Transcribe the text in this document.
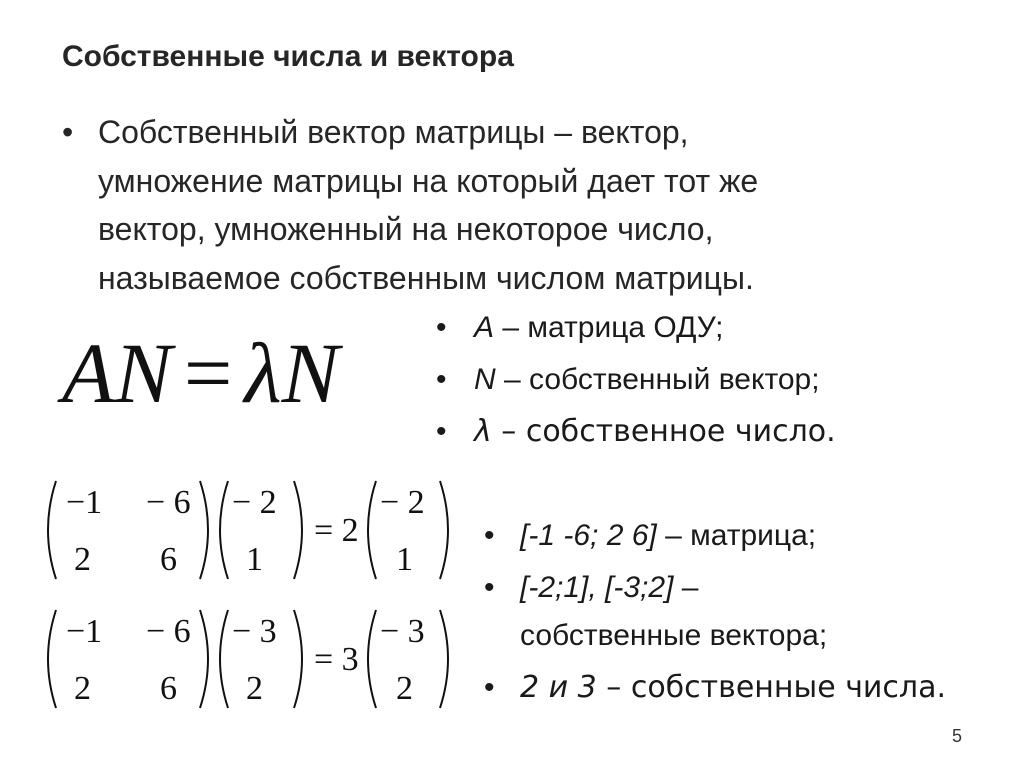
Собственные числа и вектора
• Собственный вектор матрицы – вектор,
умножение матрицы на который дает тот же
вектор, умноженный на некоторое число,
называемое собственным числом матрицы.
AN = λN	• A – матрица ОДУ;
• N – собственный вектор;
• λ – собственное число.
−1 − 6
2 6
− 2
1
= 2
− 2
1
−1 − 6
2 6
− 3
2
= 3
− 3
2
• [-1 -6; 2 6] – матрица;
• [-2;1], [-3;2] –
собственные вектора;
• 2 и 3 – собственные числа.
5
